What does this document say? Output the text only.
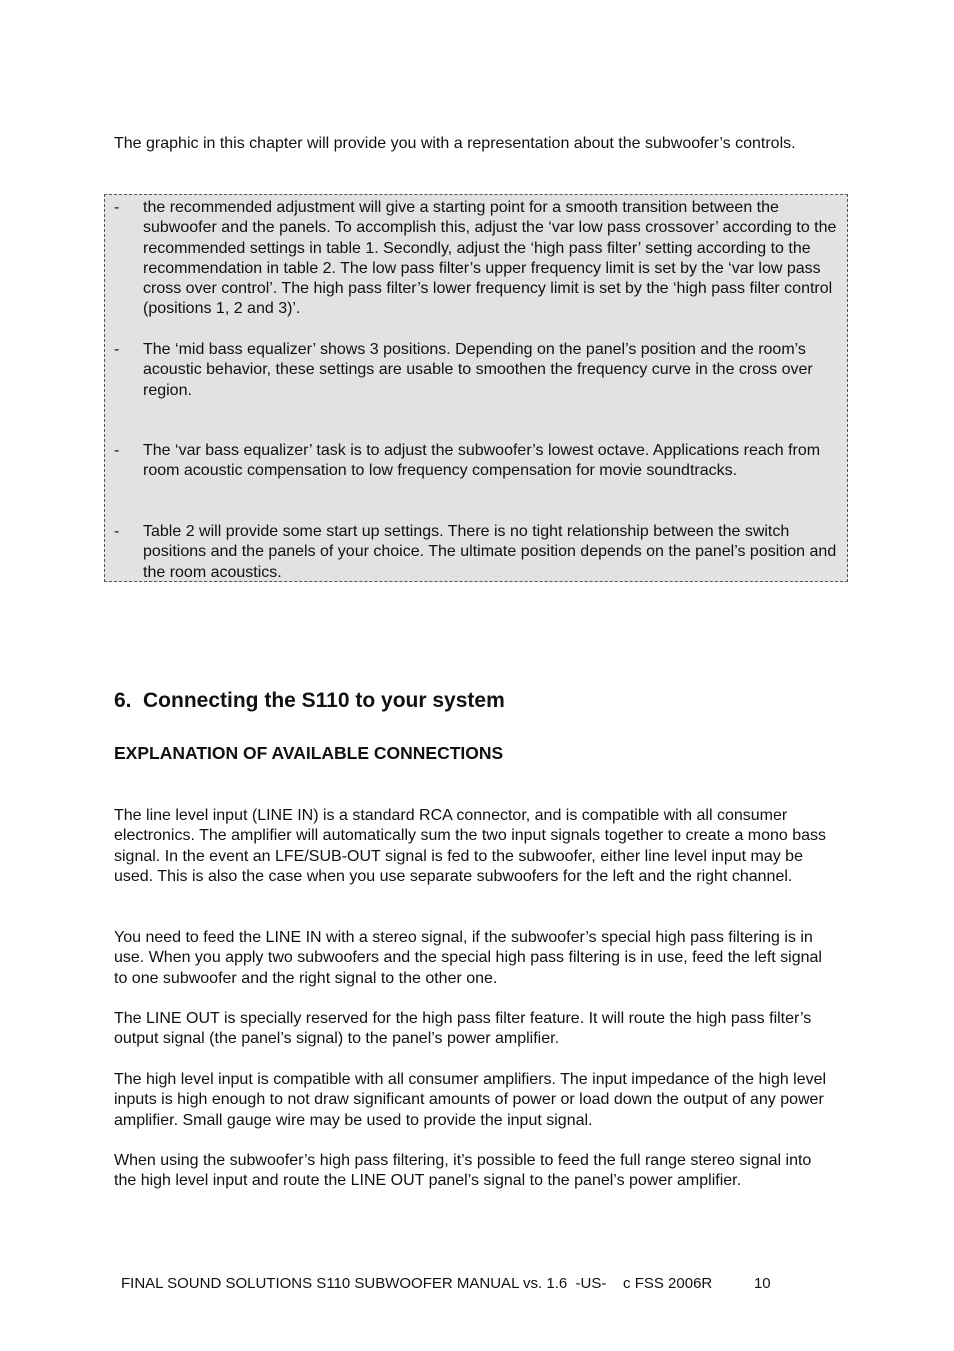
The graphic in this chapter will provide you with a representation about the subwoofer’s controls.
- the recommended adjustment will give a starting point for a smooth transition between the subwoofer and the panels. To accomplish this, adjust the ‘var low pass crossover’ according to the recommended settings in table 1. Secondly, adjust the ‘high pass filter’ setting according to the recommendation in table 2. The low pass filter’s upper frequency limit is set by the ‘var low pass cross over control’. The high pass filter’s lower frequency limit is set by the ‘high pass filter control (positions 1, 2 and 3)’.
- The ‘mid bass equalizer’ shows 3 positions. Depending on the panel’s position and the room’s acoustic behavior, these settings are usable to smoothen the frequency curve in the cross over region.
- The ‘var bass equalizer’ task is to adjust the subwoofer’s lowest octave. Applications reach from room acoustic compensation to low frequency compensation for movie soundtracks.
- Table 2 will provide some start up settings. There is no tight relationship between the switch positions and the panels of your choice. The ultimate position depends on the panel’s position and the room acoustics.
6. Connecting the S110 to your system
EXPLANATION OF AVAILABLE CONNECTIONS
The line level input (LINE IN) is a standard RCA connector, and is compatible with all consumer electronics. The amplifier will automatically sum the two input signals together to create a mono bass signal. In the event an LFE/SUB-OUT signal is fed to the subwoofer, either line level input may be used. This is also the case when you use separate subwoofers for the left and the right channel.
You need to feed the LINE IN with a stereo signal, if the subwoofer’s special high pass filtering is in use. When you apply two subwoofers and the special high pass filtering is in use, feed the left signal to one subwoofer and the right signal to the other one.
The LINE OUT is specially reserved for the high pass filter feature. It will route the high pass filter’s output signal (the panel’s signal) to the panel’s power amplifier.
The high level input is compatible with all consumer amplifiers. The input impedance of the high level inputs is high enough to not draw significant amounts of power or load down the output of any power amplifier. Small gauge wire may be used to provide the input signal.
When using the subwoofer’s high pass filtering, it’s possible to feed the full range stereo signal into the high level input and route the LINE OUT panel’s signal to the panel’s power amplifier.
FINAL SOUND SOLUTIONS S110 SUBWOOFER MANUAL vs. 1.6  -US-    c FSS 2006R	10
